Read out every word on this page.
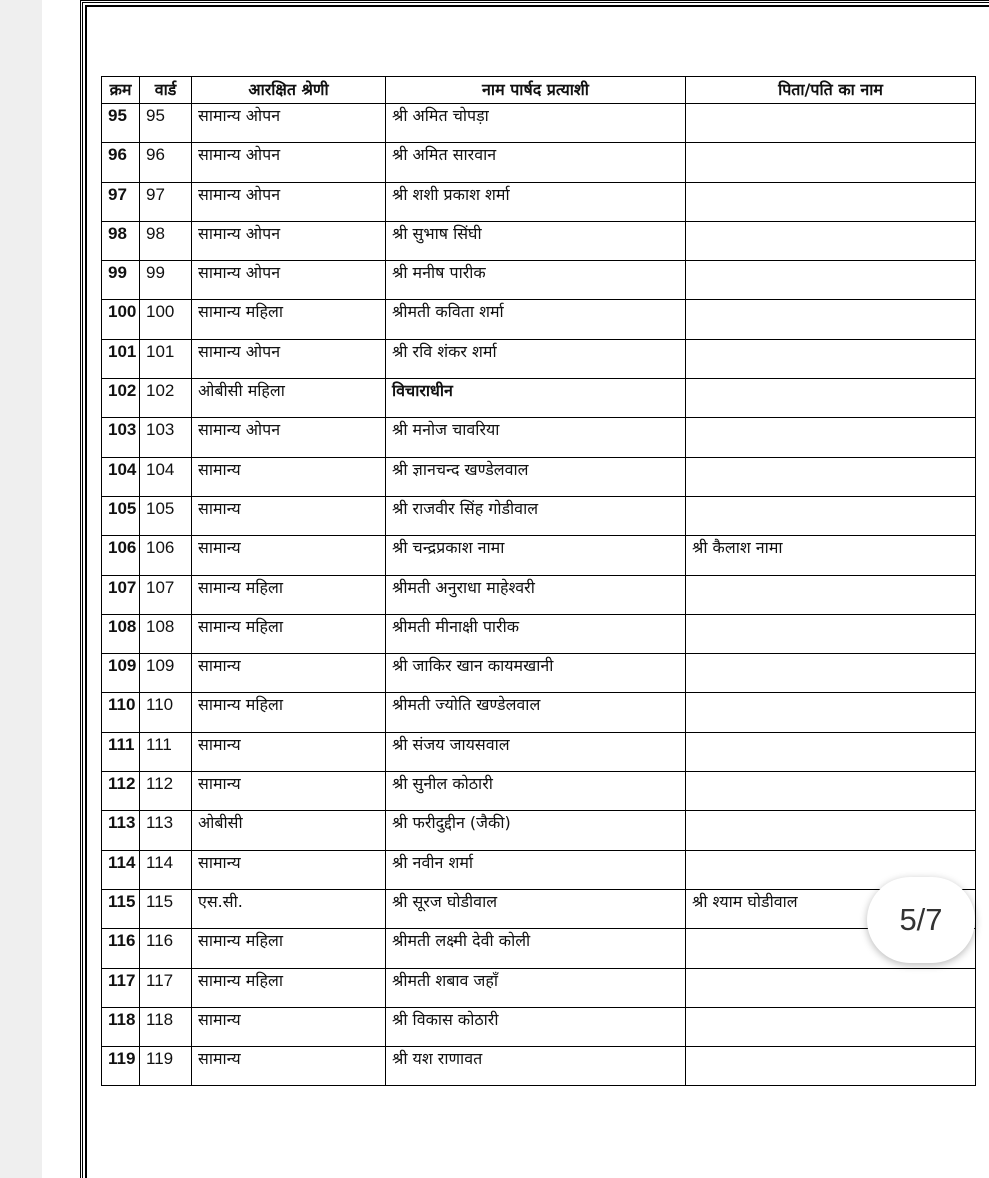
क्रम	वार्ड	आरक्षित श्रेणी	नाम पार्षद प्रत्याशी	पिता/पति का नाम
95	95	सामान्य ओपन	श्री अमित चोपड़ा	
96	96	सामान्य ओपन	श्री अमित सारवान	
97	97	सामान्य ओपन	श्री शशी प्रकाश शर्मा	
98	98	सामान्य ओपन	श्री सुभाष सिंघी	
99	99	सामान्य ओपन	श्री मनीष पारीक	
100	100	सामान्य महिला	श्रीमती कविता शर्मा	
101	101	सामान्य ओपन	श्री रवि शंकर शर्मा	
102	102	ओबीसी महिला	विचाराधीन	
103	103	सामान्य ओपन	श्री मनोज चावरिया	
104	104	सामान्य	श्री ज्ञानचन्द खण्डेलवाल	
105	105	सामान्य	श्री राजवीर सिंह गोडीवाल	
106	106	सामान्य	श्री चन्द्रप्रकाश नामा	श्री कैलाश नामा
107	107	सामान्य महिला	श्रीमती अनुराधा माहेश्वरी	
108	108	सामान्य महिला	श्रीमती मीनाक्षी पारीक	
109	109	सामान्य	श्री जाकिर खान कायमखानी	
110	110	सामान्य महिला	श्रीमती ज्योति खण्डेलवाल	
111	111	सामान्य	श्री संजय जायसवाल	
112	112	सामान्य	श्री सुनील कोठारी	
113	113	ओबीसी	श्री फरीदुद्दीन (जैकी)	
114	114	सामान्य	श्री नवीन शर्मा	
115	115	एस.सी.	श्री सूरज घोडीवाल	श्री श्याम घोडीवाल
116	116	सामान्य महिला	श्रीमती लक्ष्मी देवी कोली	
117	117	सामान्य महिला	श्रीमती शबाव जहाँ	
118	118	सामान्य	श्री विकास कोठारी	
119	119	सामान्य	श्री यश राणावत	
5/7
